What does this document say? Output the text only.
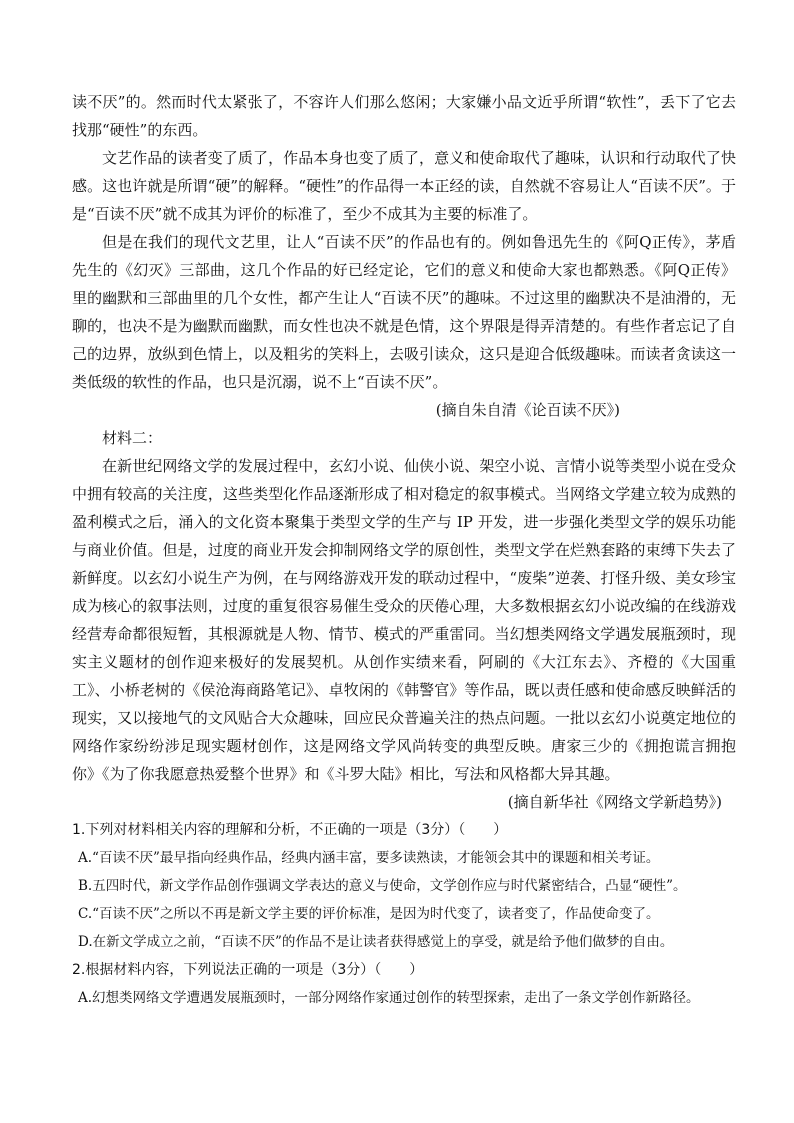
读不厌”的。然而时代太紧张了，不容许人们那么悠闲；大家嫌小品文近乎所谓“软性”，丢下了它去找那“硬性”的东西。

文艺作品的读者变了质了，作品本身也变了质了，意义和使命取代了趣味，认识和行动取代了快感。这也许就是所谓“硬”的解释。“硬性”的作品得一本正经的读，自然就不容易让人“百读不厌”。于是“百读不厌”就不成其为评价的标准了，至少不成其为主要的标准了。

但是在我们的现代文艺里，让人“百读不厌”的作品也有的。例如鲁迅先生的《阿Q正传》，茅盾先生的《幻灭》三部曲，这几个作品的好已经定论，它们的意义和使命大家也都熟悉。《阿Q正传》里的幽默和三部曲里的几个女性，都产生让人“百读不厌”的趣味。不过这里的幽默决不是油滑的，无聊的，也决不是为幽默而幽默，而女性也决不就是色情，这个界限是得弄清楚的。有些作者忘记了自己的边界，放纵到色情上，以及粗劣的笑料上，去吸引读众，这只是迎合低级趣味。而读者贪读这一类低级的软性的作品，也只是沉溺，说不上“百读不厌”。

(摘自朱自清《论百读不厌》)

材料二：

在新世纪网络文学的发展过程中，玄幻小说、仙侠小说、架空小说、言情小说等类型小说在受众中拥有较高的关注度，这些类型化作品逐渐形成了相对稳定的叙事模式。当网络文学建立较为成熟的盈利模式之后，涌入的文化资本聚集于类型文学的生产与 IP 开发，进一步强化类型文学的娱乐功能与商业价值。但是，过度的商业开发会抑制网络文学的原创性，类型文学在烂熟套路的束缚下失去了新鲜度。以玄幻小说生产为例，在与网络游戏开发的联动过程中，“废柴”逆袭、打怪升级、美女珍宝成为核心的叙事法则，过度的重复很容易催生受众的厌倦心理，大多数根据玄幻小说改编的在线游戏经营寿命都很短暂，其根源就是人物、情节、模式的严重雷同。当幻想类网络文学遇发展瓶颈时，现实主义题材的创作迎来极好的发展契机。从创作实绩来看，阿刷的《大江东去》、齐橙的《大国重工》、小桥老树的《侯沧海商路笔记》、卓牧闲的《韩警官》等作品，既以责任感和使命感反映鲜活的现实，又以接地气的文风贴合大众趣味，回应民众普遍关注的热点问题。一批以玄幻小说奠定地位的网络作家纷纷涉足现实题材创作，这是网络文学风尚转变的典型反映。唐家三少的《拥抱谎言拥抱你》《为了你我愿意热爱整个世界》和《斗罗大陆》相比，写法和风格都大异其趣。

(摘自新华社《网络文学新趋势》)

1.下列对材料相关内容的理解和分析，不正确的一项是（3分）（　　）

A.“百读不厌”最早指向经典作品，经典内涵丰富，要多读熟读，才能领会其中的课题和相关考证。

B.五四时代，新文学作品创作强调文学表达的意义与使命，文学创作应与时代紧密结合，凸显“硬性”。

C.“百读不厌”之所以不再是新文学主要的评价标准，是因为时代变了，读者变了，作品使命变了。

D.在新文学成立之前，“百读不厌”的作品不是让读者获得感觉上的享受，就是给予他们做梦的自由。

2.根据材料内容，下列说法正确的一项是（3分）（　　）

A.幻想类网络文学遭遇发展瓶颈时，一部分网络作家通过创作的转型探索，走出了一条文学创作新路径。
